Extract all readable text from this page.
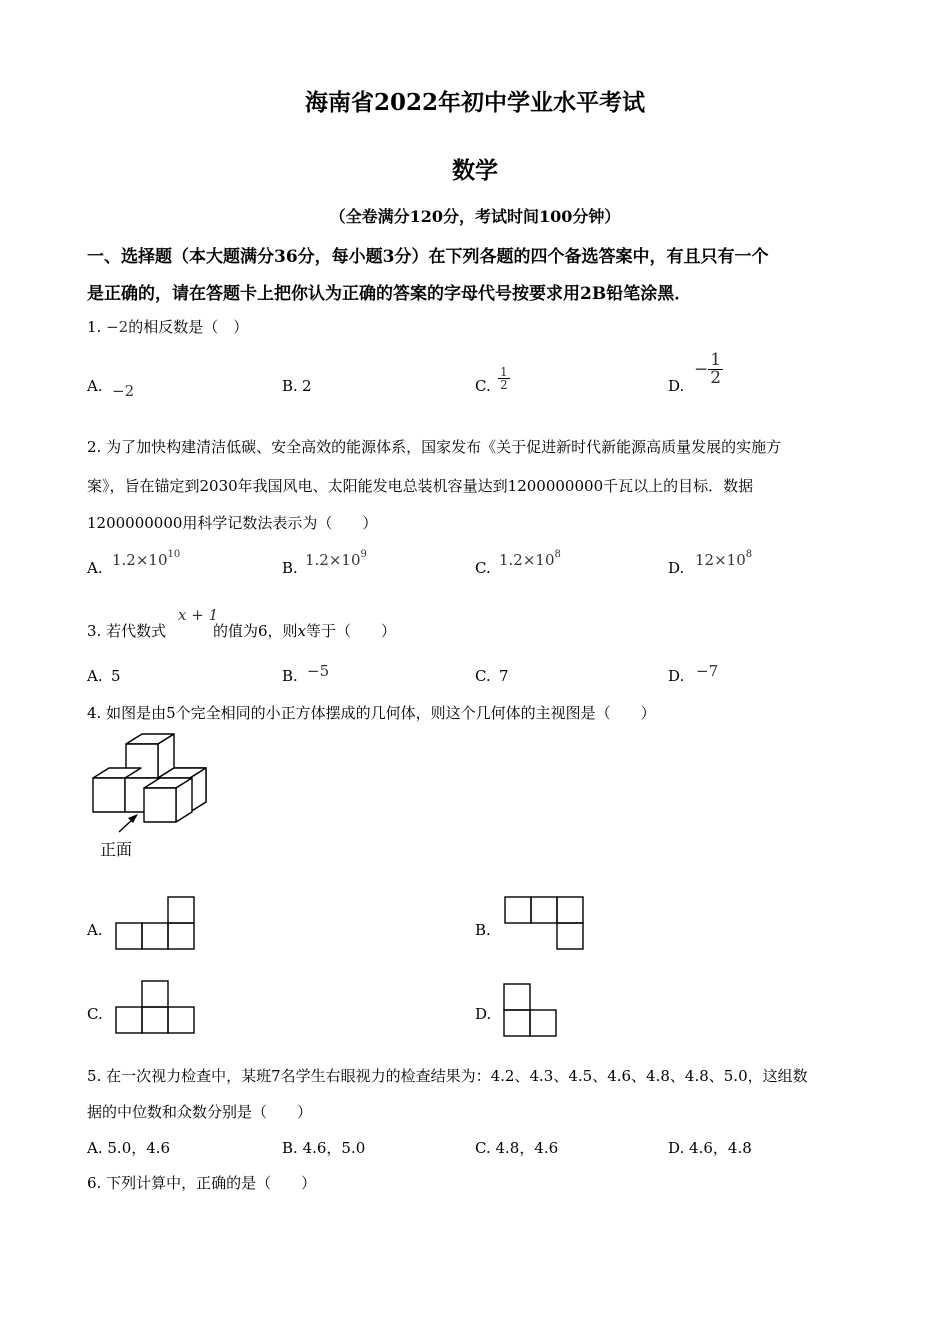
海南省2022年初中学业水平考试
数学
（全卷满分120分，考试时间100分钟）
一、选择题（本大题满分36分，每小题3分）在下列各题的四个备选答案中，有且只有一个
是正确的，请在答题卡上把你认为正确的答案的字母代号按要求用2B铅笔涂黑．
1. −2的相反数是（　）
A. −2	B. 2	C. $\frac{1}{2}$	D.
− $\frac{1}{2}$
2. 为了加快构建清洁低碳、安全高效的能源体系，国家发布《关于促进新时代新能源高质量发展的实施方
案》，旨在锚定到2030年我国风电、太阳能发电总装机容量达到1200000000千瓦以上的目标．数据
1200000000用科学记数法表示为（　　）
A. $1.2\times 10^{10}$
B. $1.2\times 10^9$
C. $1.2\times 10^8$
D. $12\times 10^8$
3. 若代数式
x + 1
的值为6，则x等于（　　）
A. 5	B. −5	C. 7	D. −7
4. 如图是由5个完全相同的小正方体摆成的几何体，则这个几何体的主视图是（　　）
正面
A.	B.
C.	D.
5. 在一次视力检查中，某班7名学生右眼视力的检查结果为：4.2、4.3、4.5、4.6、4.8、4.8、5.0，这组数
据的中位数和众数分别是（　　）
A. 5.0，4.6	B. 4.6，5.0	C. 4.8，4.6	D. 4.6，4.8
6. 下列计算中，正确的是（　　）
